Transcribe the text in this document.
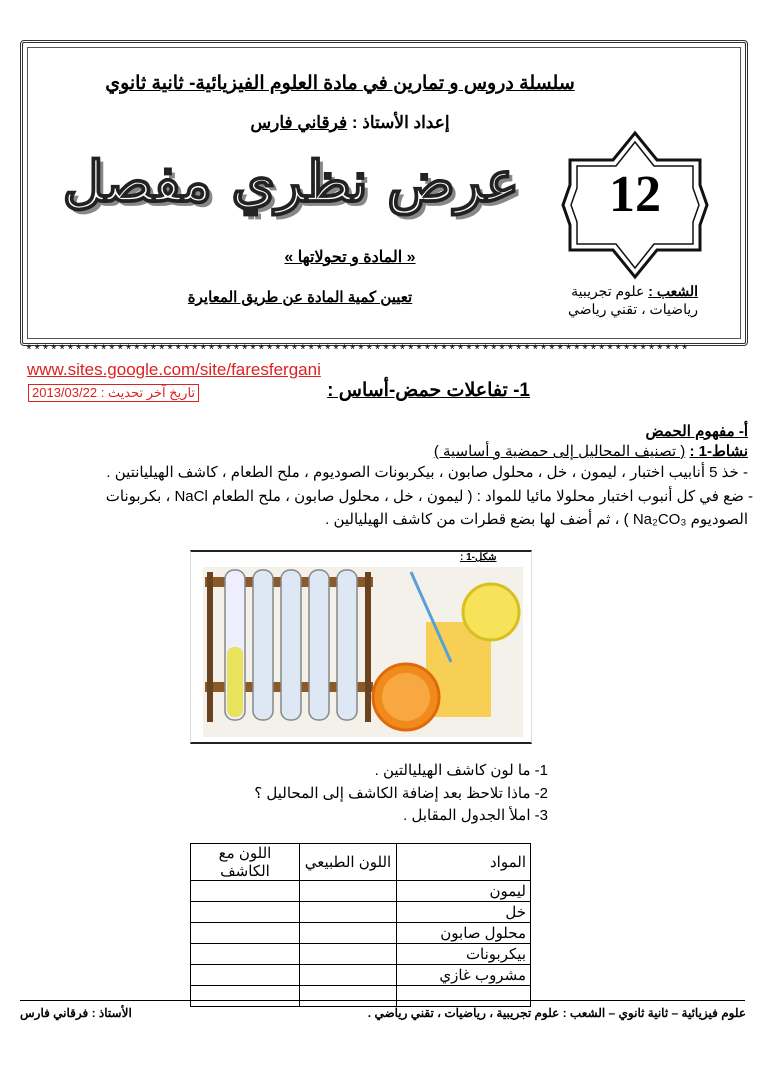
سلسلة دروس و تمارين في مادة العلوم الفيزيائية- ثانية ثانوي
إعداد الأستاذ : فرقاني فارس
عرض نظري مفصل	12
« المادة و تحولاتها »
تعيين كمية المادة عن طريق المعايرة	الشعب : علوم تجريبية
رياضيات ، تقني رياضي
********************************************************************************
www.sites.google.com/site/faresfergani
تاريخ آخر تحديث : 2013/03/22	1- تفاعلات حمض-أساس :
أ- مفهوم الحمض
نشاط-1 : ( تصنيف المحاليل إلى حمضية و أساسية )
- خذ 5 أنابيب اختبار ، ليمون ، خل ، محلول صابون ، بيكربونات الصوديوم ، ملح الطعام ، كاشف الهيليانتين .
- ضع في كل أنبوب اختبار محلولا مائيا للمواد : ( ليمون ، خل ، محلول صابون ، ملح الطعام NaCl ، بكربونات
الصوديوم Na₂CO₃ ) ، ثم أضف لها بضع قطرات من كاشف الهيليالين .
شكل-1 :
1- ما لون كاشف الهيليالتين .
2- ماذا تلاحظ بعد إضافة الكاشف إلى المحاليل ؟
3- املأ الجدول المقابل .
المواد	اللون الطبيعي	اللون مع الكاشف
ليمون		
خل		
محلول صابون		
بيكربونات		
مشروب غازي		

علوم فيزيائية – ثانية ثانوي – الشعب : علوم تجريبية ، رياضيات ، تقني رياضي .
الأستاذ : فرقاني فارس
